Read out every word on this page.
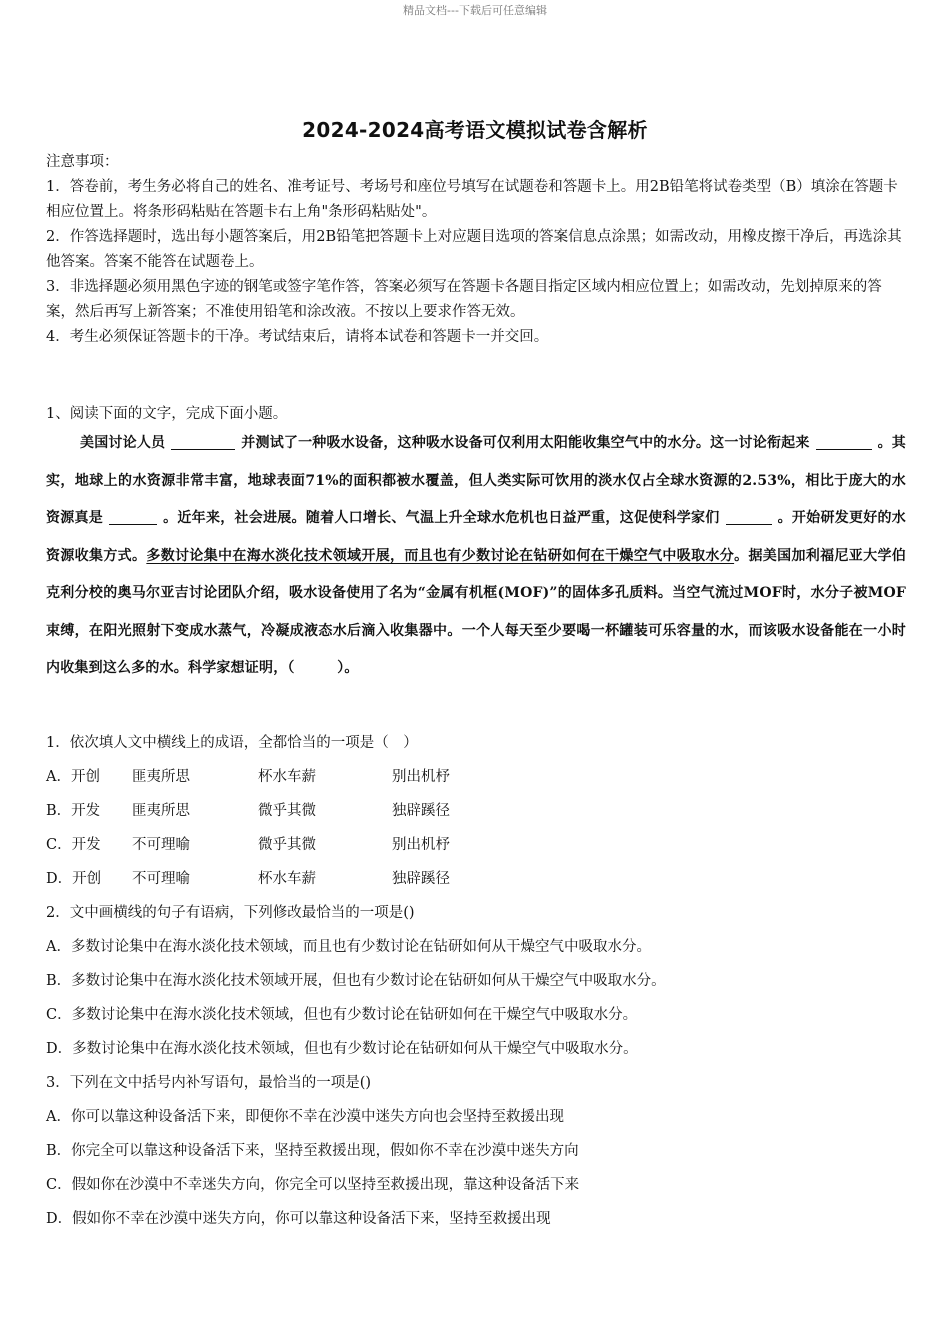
精品文档---下载后可任意编辑
2024-2024高考语文模拟试卷含解析

注意事项：

1．答卷前，考生务必将自己的姓名、准考证号、考场号和座位号填写在试题卷和答题卡上。用2B铅笔将试卷类型（B）填涂在答题卡相应位置上。将条形码粘贴在答题卡右上角"条形码粘贴处"。

2．作答选择题时，选出每小题答案后，用2B铅笔把答题卡上对应题目选项的答案信息点涂黑；如需改动，用橡皮擦干净后，再选涂其他答案。答案不能答在试题卷上。

3．非选择题必须用黑色字迹的钢笔或签字笔作答，答案必须写在答题卡各题目指定区域内相应位置上；如需改动，先划掉原来的答案，然后再写上新答案；不准使用铅笔和涂改液。不按以上要求作答无效。

4．考生必须保证答题卡的干净。考试结束后，请将本试卷和答题卡一并交回。

1、阅读下面的文字，完成下面小题。
美国讨论人员	并测试了一种吸水设备，这种吸水设备可仅利用太阳能收集空气中的水分。这一讨论衔起来	。其实，地球上的水资源非常丰富，地球表面71%的面积都被水覆盖，但人类实际可饮用的淡水仅占全球水资源的2.53%，相比于庞大的水资源真是	。近年来，社会进展。随着人口增长、气温上升全球水危机也日益严重，这促使科学家们	。开始研发更好的水资源收集方式。多数讨论集中在海水淡化技术领域开展，而且也有少数讨论在钻研如何在干燥空气中吸取水分。据美国加利福尼亚大学伯克利分校的奥马尔亚吉讨论团队介绍，吸水设备使用了名为“金属有机框(MOF)”的固体多孔质料。当空气流过MOF时，水分子被MOF束缚，在阳光照射下变成水蒸气，冷凝成液态水后滴入收集器中。一个人每天至少要喝一杯罐装可乐容量的水，而该吸水设备能在一小时内收集到这么多的水。科学家想证明，（　　　）。
1．依次填人文中横线上的成语，全都恰当的一项是（　）
A．开创 匪夷所思	杯水车薪	别出机杼
B．开发 匪夷所思	微乎其微	独辟蹊径
C．开发 不可理喻	微乎其微	别出机杼
D．开创 不可理喻	杯水车薪	独辟蹊径
2．文中画横线的句子有语病，下列修改最恰当的一项是()
A．多数讨论集中在海水淡化技术领域，而且也有少数讨论在钻研如何从干燥空气中吸取水分。
B．多数讨论集中在海水淡化技术领域开展，但也有少数讨论在钻研如何从干燥空气中吸取水分。
C．多数讨论集中在海水淡化技术领域，但也有少数讨论在钻研如何在干燥空气中吸取水分。
D．多数讨论集中在海水淡化技术领域，但也有少数讨论在钻研如何从干燥空气中吸取水分。
3．下列在文中括号内补写语句，最恰当的一项是()
A．你可以靠这种设备活下来，即便你不幸在沙漠中迷失方向也会坚持至救援出现
B．你完全可以靠这种设备活下来，坚持至救援出现，假如你不幸在沙漠中迷失方向
C．假如你在沙漠中不幸迷失方向，你完全可以坚持至救援出现，靠这种设备活下来
D．假如你不幸在沙漠中迷失方向，你可以靠这种设备活下来，坚持至救援出现
